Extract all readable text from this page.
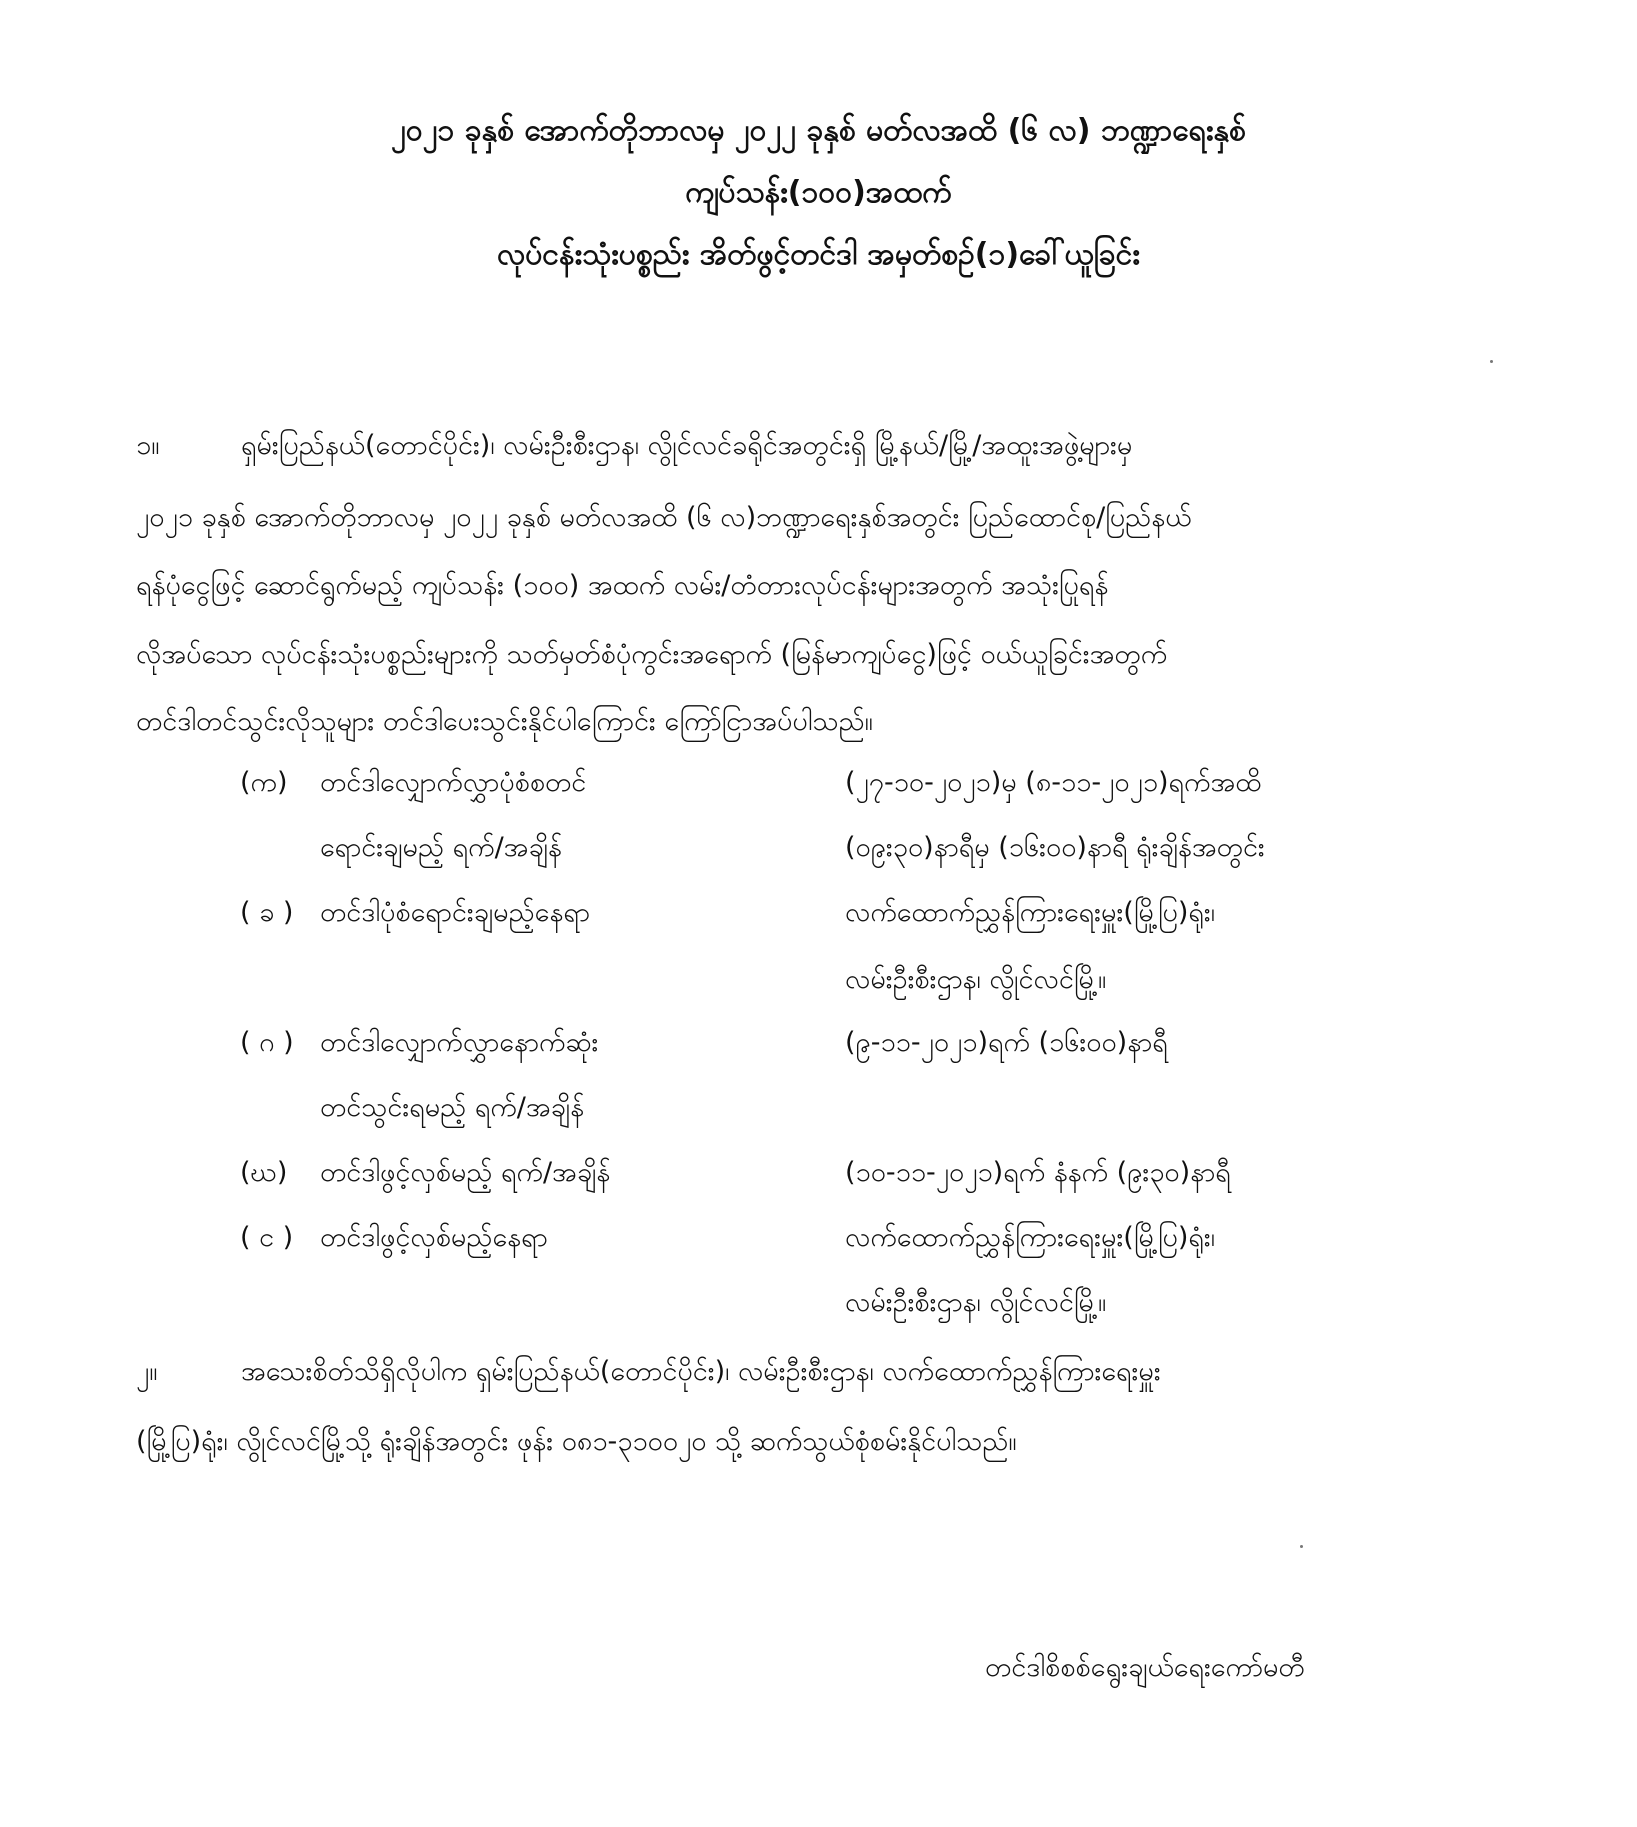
၂၀၂၁ ခုနှစ် အောက်တိုဘာလမှ ၂၀၂၂ ခုနှစ် မတ်လအထိ (၆ လ) ဘဏ္ဍာရေးနှစ်
ကျပ်သန်း(၁၀၀)အထက်
လုပ်ငန်းသုံးပစ္စည်း အိတ်ဖွင့်တင်ဒါ အမှတ်စဉ်(၁)ခေါ်ယူခြင်း
၁။	ရှမ်းပြည်နယ်(တောင်ပိုင်း)၊ လမ်းဦးစီးဌာန၊ လွိုင်လင်ခရိုင်အတွင်းရှိ မြို့နယ်/မြို့/အထူးအဖွဲ့များမှ
၂၀၂၁ ခုနှစ် အောက်တိုဘာလမှ ၂၀၂၂ ခုနှစ် မတ်လအထိ (၆ လ)ဘဏ္ဍာရေးနှစ်အတွင်း ပြည်ထောင်စု/ပြည်နယ်
ရန်ပုံငွေဖြင့် ဆောင်ရွက်မည့် ကျပ်သန်း (၁၀၀) အထက် လမ်း/တံတားလုပ်ငန်းများအတွက် အသုံးပြုရန်
လိုအပ်သော လုပ်ငန်းသုံးပစ္စည်းများကို သတ်မှတ်စံပုံကွင်းအရောက် (မြန်မာကျပ်ငွေ)ဖြင့် ဝယ်ယူခြင်းအတွက်
တင်ဒါတင်သွင်းလိုသူများ တင်ဒါပေးသွင်းနိုင်ပါကြောင်း ကြော်ငြာအပ်ပါသည်။
(က) တင်ဒါလျှောက်လွှာပုံစံစတင်	(၂၇-၁၀-၂၀၂၁)မှ (၈-၁၁-၂၀၂၁)ရက်အထိ
ရောင်းချမည့် ရက်/အချိန်	(၀၉း၃၀)နာရီမှ (၁၆း၀၀)နာရီ ရုံးချိန်အတွင်း
( ခ ) တင်ဒါပုံစံရောင်းချမည့်နေရာ	လက်ထောက်ညွှန်ကြားရေးမှူး(မြို့ပြ)ရုံး၊
လမ်းဦးစီးဌာန၊ လွိုင်လင်မြို့။
( ဂ ) တင်ဒါလျှောက်လွှာနောက်ဆုံး	(၉-၁၁-၂၀၂၁)ရက် (၁၆း၀၀)နာရီ
တင်သွင်းရမည့် ရက်/အချိန်
(ဃ) တင်ဒါဖွင့်လှစ်မည့် ရက်/အချိန်	(၁၀-၁၁-၂၀၂၁)ရက် နံနက် (၉း၃၀)နာရီ
( င ) တင်ဒါဖွင့်လှစ်မည့်နေရာ	လက်ထောက်ညွှန်ကြားရေးမှူး(မြို့ပြ)ရုံး၊
လမ်းဦးစီးဌာန၊ လွိုင်လင်မြို့။
၂။	အသေးစိတ်သိရှိလိုပါက ရှမ်းပြည်နယ်(တောင်ပိုင်း)၊ လမ်းဦးစီးဌာန၊ လက်ထောက်ညွှန်ကြားရေးမှူး
(မြို့ပြ)ရုံး၊ လွိုင်လင်မြို့သို့ ရုံးချိန်အတွင်း ဖုန်း ၀၈၁-၃၁၀၀၂၀ သို့ ဆက်သွယ်စုံစမ်းနိုင်ပါသည်။
တင်ဒါစိစစ်ရွေးချယ်ရေးကော်မတီ
